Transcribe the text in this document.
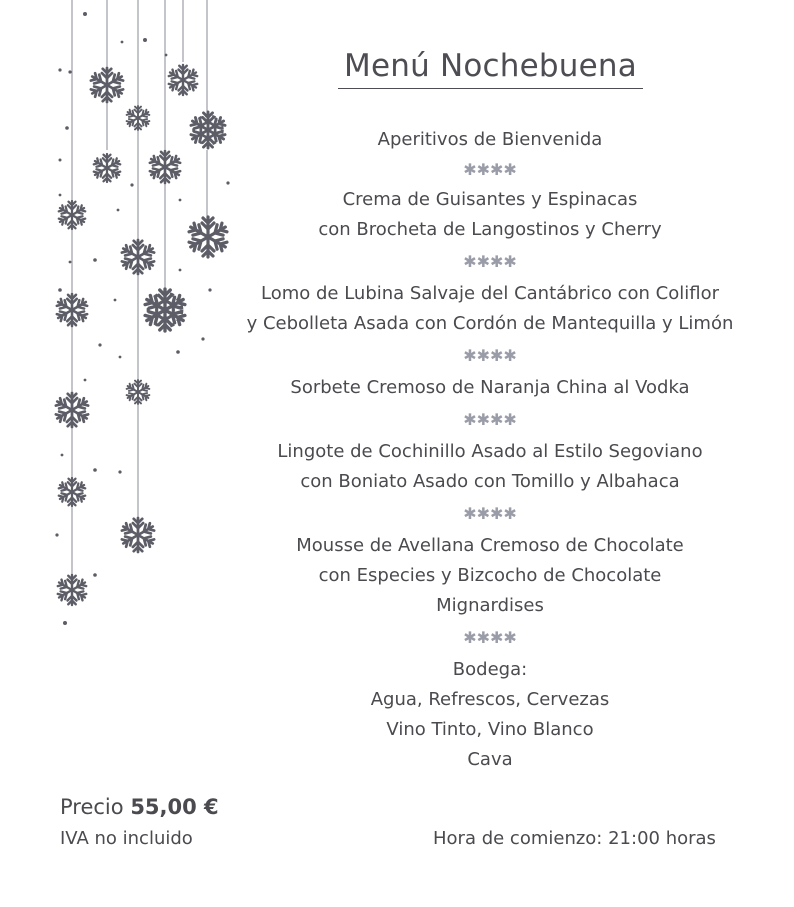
Menú Nochebuena
Aperitivos de Bienvenida
✱✱✱✱
Crema de Guisantes y Espinacas
con Brocheta de Langostinos y Cherry
✱✱✱✱
Lomo de Lubina Salvaje del Cantábrico con Coliflor
y Cebolleta Asada con Cordón de Mantequilla y Limón
✱✱✱✱
Sorbete Cremoso de Naranja China al Vodka
✱✱✱✱
Lingote de Cochinillo Asado al Estilo Segoviano
con Boniato Asado con Tomillo y Albahaca
✱✱✱✱
Mousse de Avellana Cremoso de Chocolate
con Especies y Bizcocho de Chocolate
Mignardises
✱✱✱✱
Bodega:
Agua, Refrescos, Cervezas
Vino Tinto, Vino Blanco
Cava
Precio 55,00 €
IVA no incluido	Hora de comienzo: 21:00 horas
